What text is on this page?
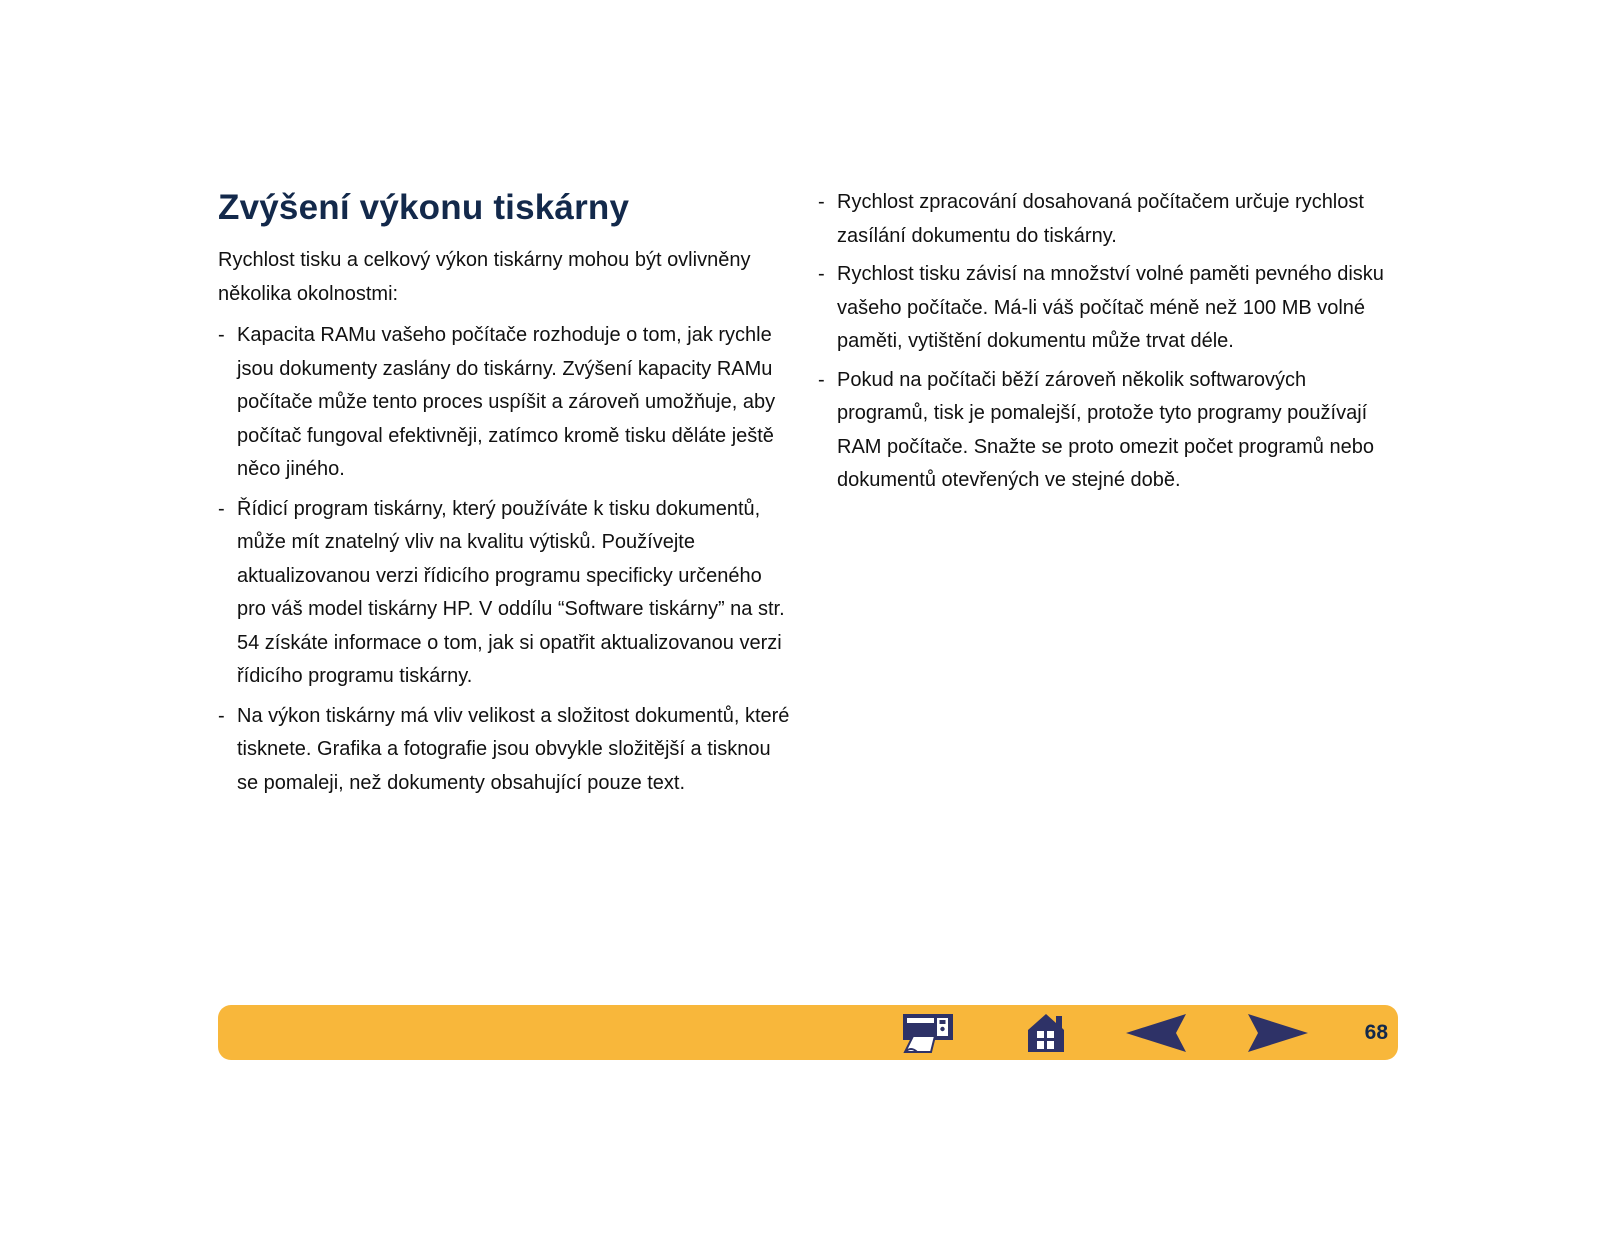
Zvýšení výkonu tiskárny

Rychlost tisku a celkový výkon tiskárny mohou být ovlivněny několika okolnostmi:

- Kapacita RAMu vašeho počítače rozhoduje o tom, jak rychle jsou dokumenty zaslány do tiskárny. Zvýšení kapacity RAMu počítače může tento proces uspíšit a zároveň umožňuje, aby počítač fungoval efektivněji, zatímco kromě tisku děláte ještě něco jiného.
- Řídicí program tiskárny, který používáte k tisku dokumentů, může mít znatelný vliv na kvalitu výtisků. Používejte aktualizovanou verzi řídicího programu specificky určeného pro váš model tiskárny HP. V oddílu “Software tiskárny” na str. 54 získáte informace o tom, jak si opatřit aktualizovanou verzi řídicího programu tiskárny.
- Na výkon tiskárny má vliv velikost a složitost dokumentů, které tisknete. Grafika a fotografie jsou obvykle složitější a tisknou se pomaleji, než dokumenty obsahující pouze text.
- Rychlost zpracování dosahovaná počítačem určuje rychlost zasílání dokumentu do tiskárny.
- Rychlost tisku závisí na množství volné paměti pevného disku vašeho počítače. Má-li váš počítač méně než 100 MB volné paměti, vytištění dokumentu může trvat déle.
- Pokud na počítači běží zároveň několik softwarových programů, tisk je pomalejší, protože tyto programy používají RAM počítače. Snažte se proto omezit počet programů nebo dokumentů otevřených ve stejné době.
68
